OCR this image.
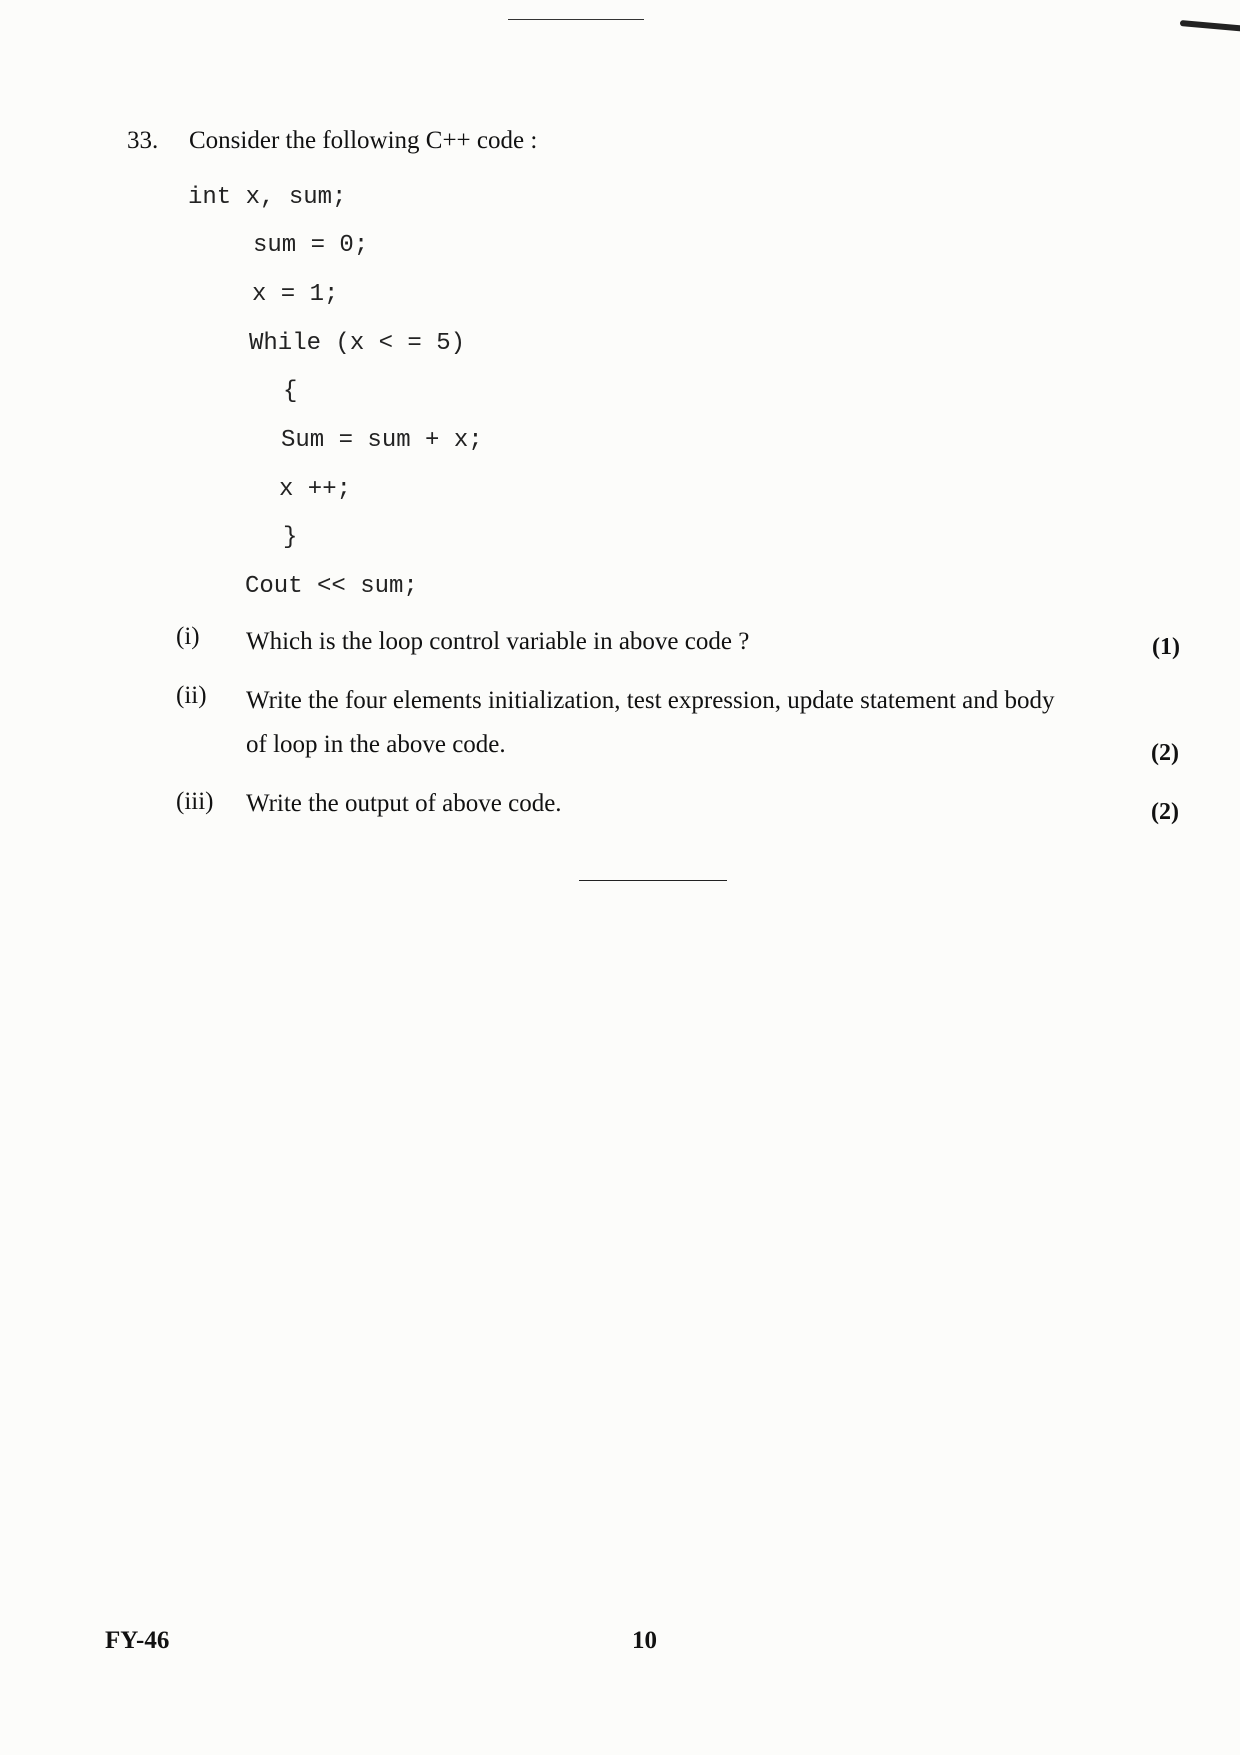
33. Consider the following C++ code :
int x, sum;
sum = 0;
x = 1;
While (x < = 5)
{
Sum = sum + x;
x ++;
}
Cout << sum;
(i) Which is the loop control variable in above code ?	(1)
(ii) Write the four elements initialization, test expression, update statement and body
of loop in the above code.	(2)
(iii) Write the output of above code.	(2)
FY-46	10
